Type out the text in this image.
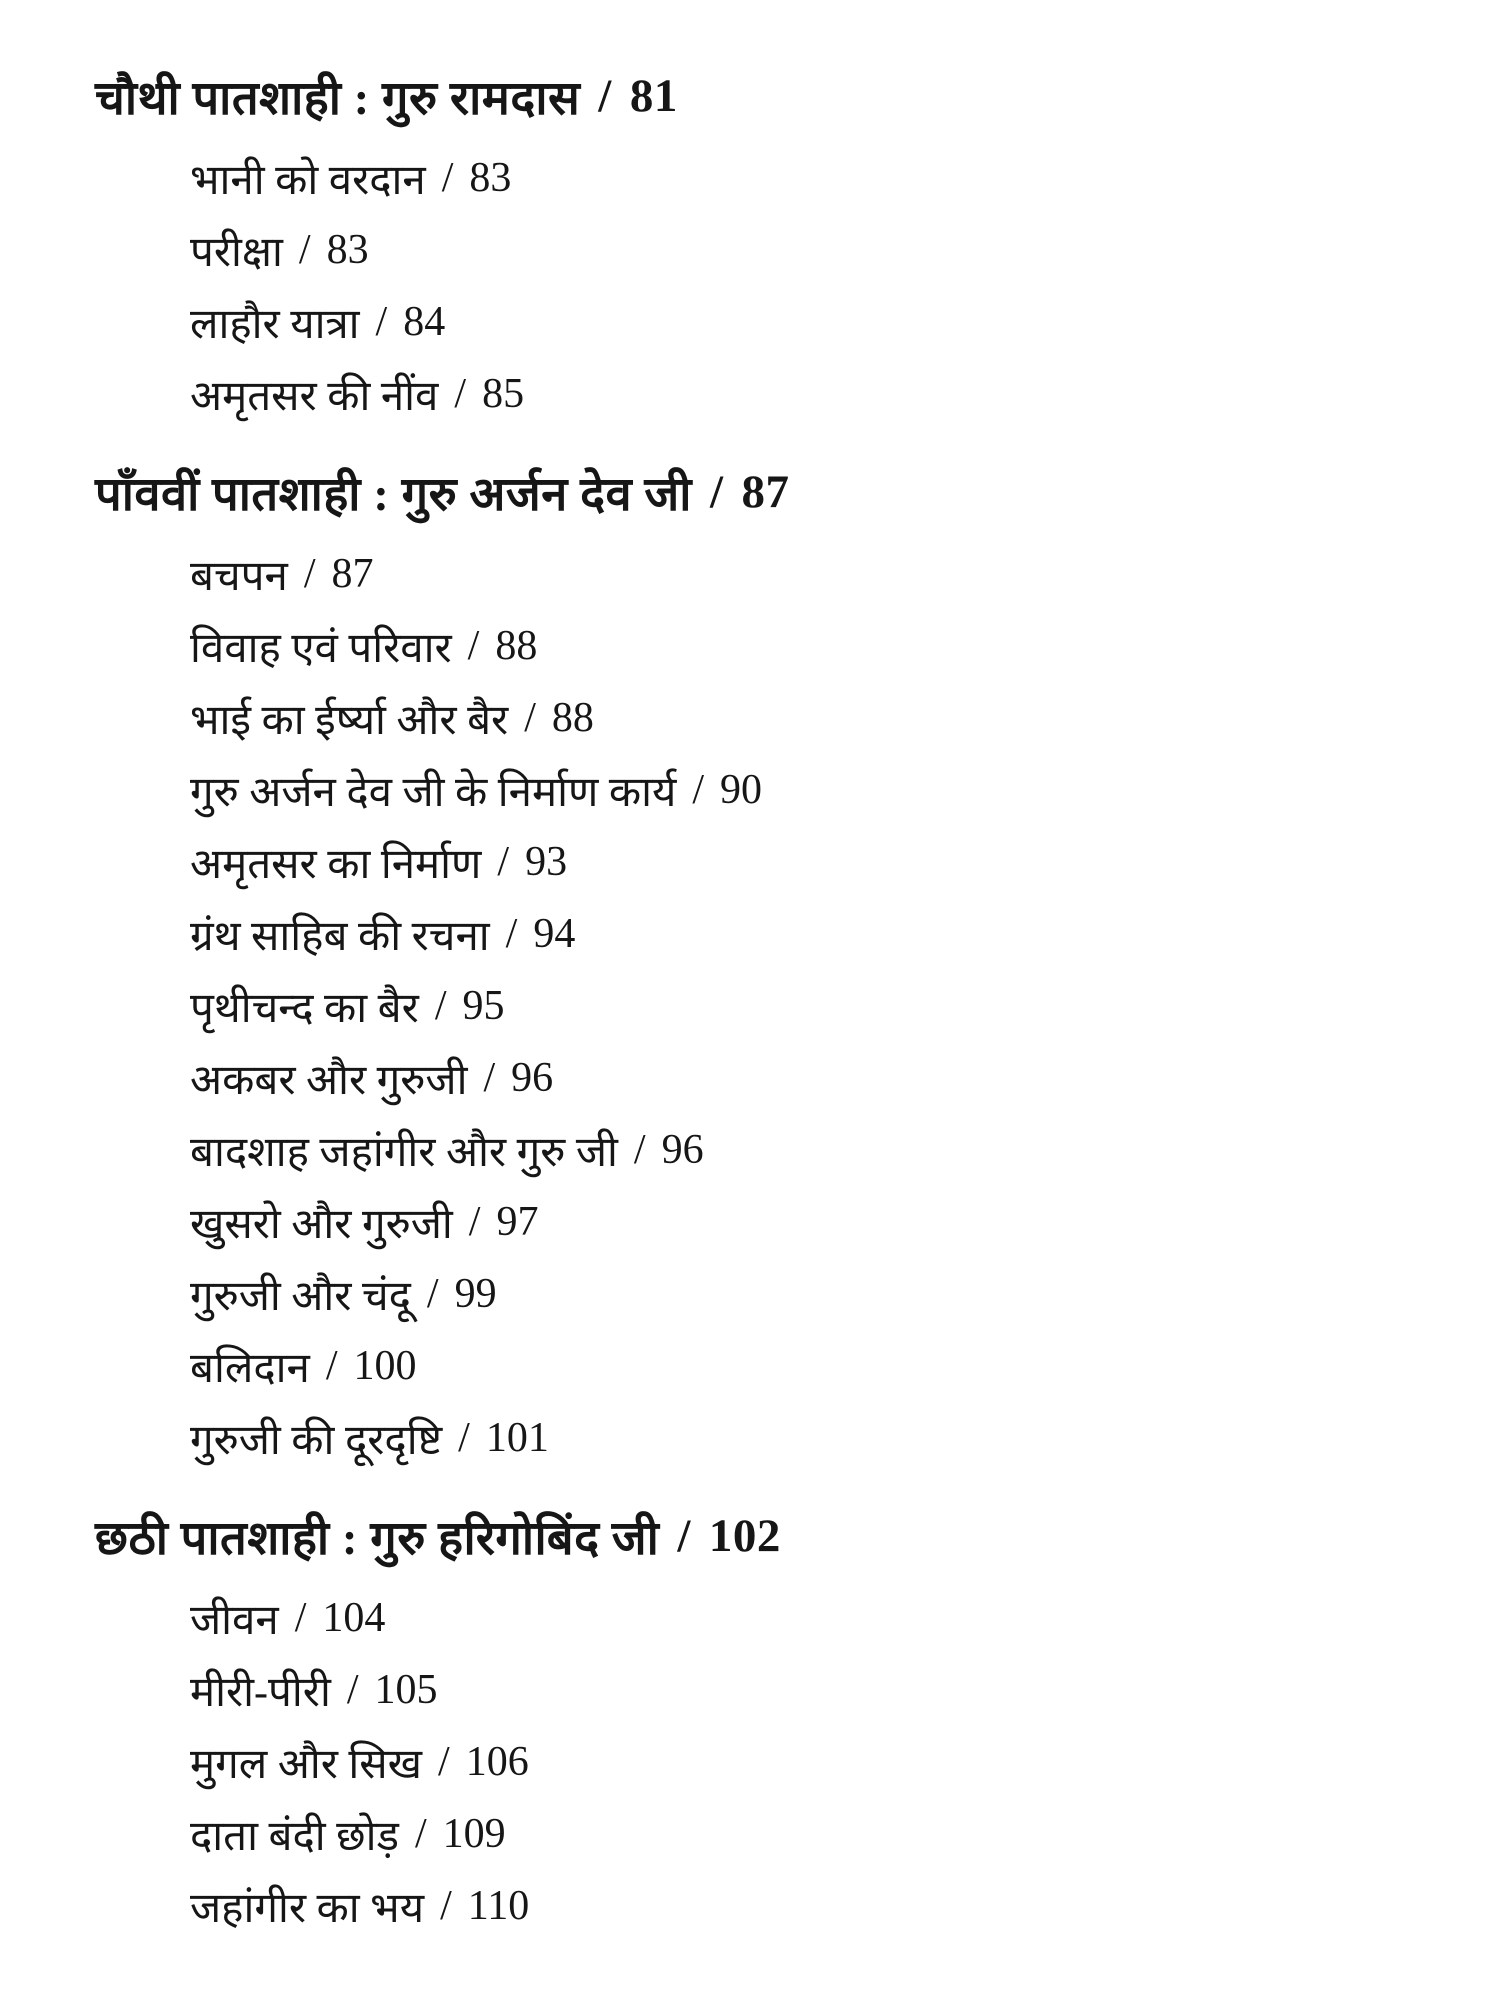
चौथी पातशाही : गुरु रामदास / 81
भानी को वरदान / 83
परीक्षा / 83
लाहौर यात्रा / 84
अमृतसर की नींव / 85
पाँववीं पातशाही : गुरु अर्जन देव जी / 87
बचपन / 87
विवाह एवं परिवार / 88
भाई का ईर्ष्या और बैर / 88
गुरु अर्जन देव जी के निर्माण कार्य / 90
अमृतसर का निर्माण / 93
ग्रंथ साहिब की रचना / 94
पृथीचन्द का बैर / 95
अकबर और गुरुजी / 96
बादशाह जहांगीर और गुरु जी / 96
खुसरो और गुरुजी / 97
गुरुजी और चंदू / 99
बलिदान / 100
गुरुजी की दूरदृष्टि / 101
छठी पातशाही : गुरु हरिगोबिंद जी / 102
जीवन / 104
मीरी-पीरी / 105
मुगल और सिख / 106
दाता बंदी छोड़ / 109
जहांगीर का भय / 110
